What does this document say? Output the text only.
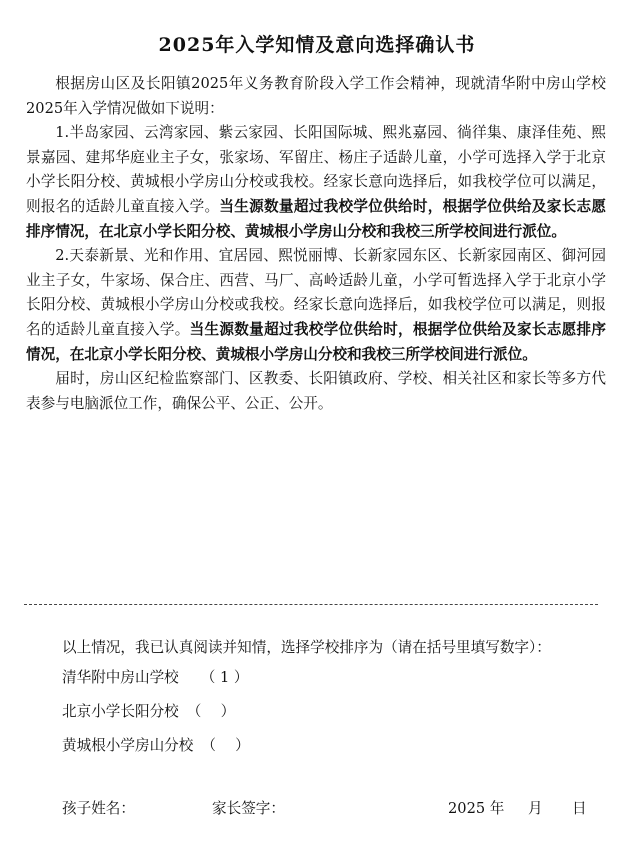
2025年入学知情及意向选择确认书

根据房山区及长阳镇2025年义务教育阶段入学工作会精神，现就清华附中房山学校2025年入学情况做如下说明：

1.半岛家园、云湾家园、紫云家园、长阳国际城、熙兆嘉园、徜徉集、康泽佳苑、熙景嘉园、建邦华庭业主子女，张家场、军留庄、杨庄子适龄儿童，小学可选择入学于北京小学长阳分校、黄城根小学房山分校或我校。经家长意向选择后，如我校学位可以满足，则报名的适龄儿童直接入学。当生源数量超过我校学位供给时，根据学位供给及家长志愿排序情况，在北京小学长阳分校、黄城根小学房山分校和我校三所学校间进行派位。

2.天泰新景、光和作用、宜居园、熙悦丽博、长新家园东区、长新家园南区、御河园业主子女，牛家场、保合庄、西营、马厂、高岭适龄儿童，小学可暂选择入学于北京小学长阳分校、黄城根小学房山分校或我校。经家长意向选择后，如我校学位可以满足，则报名的适龄儿童直接入学。当生源数量超过我校学位供给时，根据学位供给及家长志愿排序情况，在北京小学长阳分校、黄城根小学房山分校和我校三所学校间进行派位。

届时，房山区纪检监察部门、区教委、长阳镇政府、学校、相关社区和家长等多方代表参与电脑派位工作，确保公平、公正、公开。

以上情况，我已认真阅读并知情，选择学校排序为（请在括号里填写数字）：
清华附中房山学校 （ 1 ）
北京小学长阳分校 （　 ）
黄城根小学房山分校 （　 ）
孩子姓名：	家长签字：	2025 年 月 日
